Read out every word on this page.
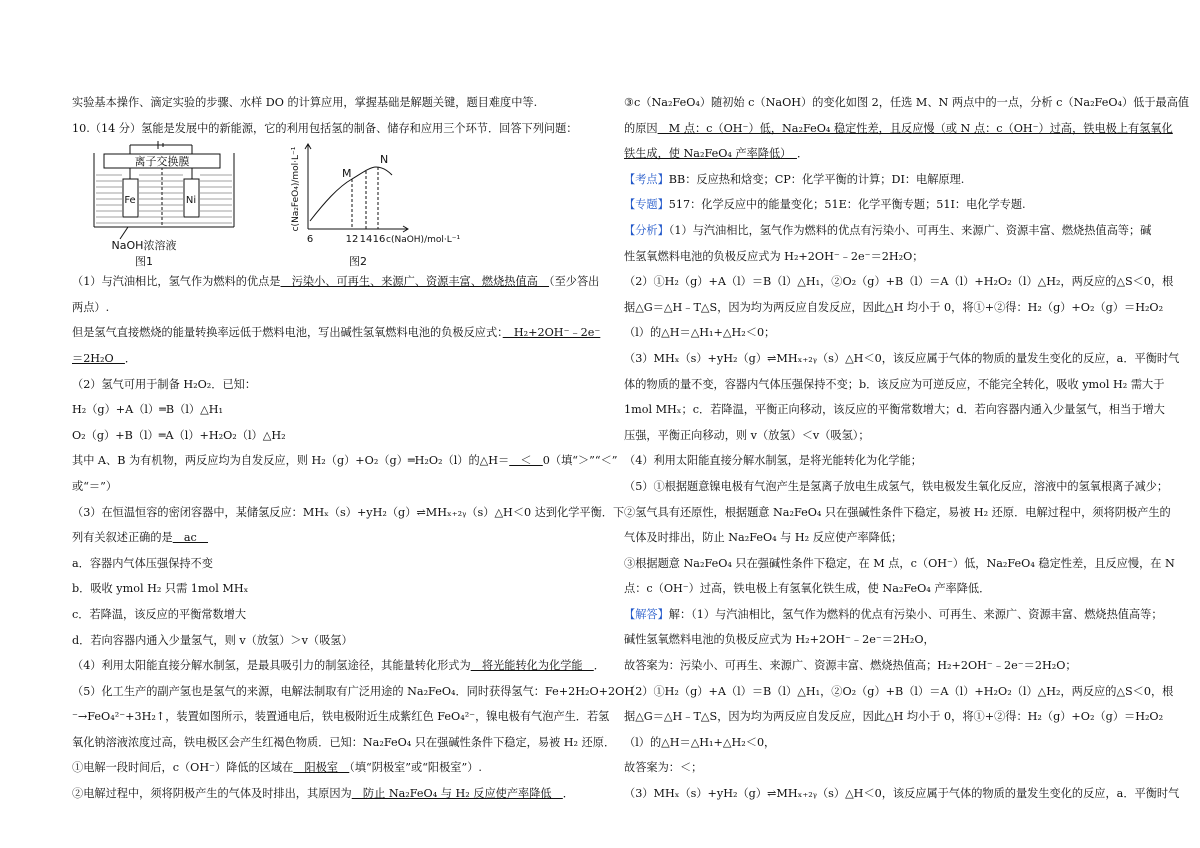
实验基本操作、滴定实验的步骤、水样 DO 的计算应用，掌握基础是解题关键，题目难度中等.
10.（14 分）氢能是发展中的新能源，它的利用包括氢的制备、储存和应用三个环节．回答下列问题：
离子交换膜
Fe	Ni
NaOH浓溶液
图1
c(Na₂FeO₄)/mol·L⁻¹	M
N
6	12 14 16 c(NaOH)/mol·L⁻¹
图2
（1）与汽油相比，氢气作为燃料的优点是　污染小、可再生、来源广、资源丰富、燃烧热值高　（至少答出
两点）.
但是氢气直接燃烧的能量转换率远低于燃料电池，写出碱性氢氧燃料电池的负极反应式：　H₂+2OH⁻﹣2e⁻
＝2H₂O　．
（2）氢气可用于制备 H₂O₂．已知：
H₂（g）+A（l）═B（l）△H₁
O₂（g）+B（l）═A（l）+H₂O₂（l）△H₂
其中 A、B 为有机物，两反应均为自发反应，则 H₂（g）+O₂（g）═H₂O₂（l）的△H＝　＜　0（填“＞”“＜”
或“＝”）
（3）在恒温恒容的密闭容器中，某储氢反应：MHₓ（s）+yH₂（g）⇌MHₓ₊₂ᵧ（s）△H＜0 达到化学平衡．下
列有关叙述正确的是　ac　
a．容器内气体压强保持不变
b．吸收 ymol H₂ 只需 1mol MHₓ
c．若降温，该反应的平衡常数增大
d．若向容器内通入少量氢气，则 v（放氢）＞v（吸氢）
（4）利用太阳能直接分解水制氢，是最具吸引力的制氢途径，其能量转化形式为　将光能转化为化学能　．
（5）化工生产的副产氢也是氢气的来源，电解法制取有广泛用途的 Na₂FeO₄．同时获得氢气：Fe+2H₂O+2OH
⁻→FeO₄²⁻+3H₂↑，装置如图所示，装置通电后，铁电极附近生成紫红色 FeO₄²⁻，镍电极有气泡产生．若氢
氧化钠溶液浓度过高，铁电极区会产生红褐色物质．已知：Na₂FeO₄ 只在强碱性条件下稳定，易被 H₂ 还原．
①电解一段时间后，c（OH⁻）降低的区域在　阳极室　（填“阴极室”或“阳极室”）.
②电解过程中，须将阴极产生的气体及时排出，其原因为　防止 Na₂FeO₄ 与 H₂ 反应使产率降低　．
③c（Na₂FeO₄）随初始 c（NaOH）的变化如图 2，任选 M、N 两点中的一点，分析 c（Na₂FeO₄）低于最高值
的原因　M 点：c（OH⁻）低，Na₂FeO₄ 稳定性差，且反应慢（或 N 点：c（OH⁻）过高，铁电极上有氢氧化
铁生成，使 Na₂FeO₄ 产率降低）　．
【考点】BB：反应热和焓变；CP：化学平衡的计算；DI：电解原理.
【专题】517：化学反应中的能量变化；51E：化学平衡专题；51I：电化学专题.
【分析】（1）与汽油相比，氢气作为燃料的优点有污染小、可再生、来源广、资源丰富、燃烧热值高等；碱
性氢氧燃料电池的负极反应式为 H₂+2OH⁻﹣2e⁻＝2H₂O；
（2）①H₂（g）+A（l）＝B（l）△H₁，②O₂（g）+B（l）＝A（l）+H₂O₂（l）△H₂，两反应的△S＜0，根
据△G＝△H﹣T△S，因为均为两反应自发反应，因此△H 均小于 0，将①+②得：H₂（g）+O₂（g）＝H₂O₂
（l）的△H＝△H₁+△H₂＜0；
（3）MHₓ（s）+yH₂（g）⇌MHₓ₊₂ᵧ（s）△H＜0，该反应属于气体的物质的量发生变化的反应，a．平衡时气
体的物质的量不变，容器内气体压强保持不变；b．该反应为可逆反应，不能完全转化，吸收 ymol H₂ 需大于
1mol MHₓ；c．若降温，平衡正向移动，该反应的平衡常数增大；d．若向容器内通入少量氢气，相当于增大
压强，平衡正向移动，则 v（放氢）＜v（吸氢）；
（4）利用太阳能直接分解水制氢，是将光能转化为化学能；
（5）①根据题意镍电极有气泡产生是氢离子放电生成氢气，铁电极发生氧化反应，溶液中的氢氧根离子减少；
②氢气具有还原性，根据题意 Na₂FeO₄ 只在强碱性条件下稳定，易被 H₂ 还原．电解过程中，须将阴极产生的
气体及时排出，防止 Na₂FeO₄ 与 H₂ 反应使产率降低；
③根据题意 Na₂FeO₄ 只在强碱性条件下稳定，在 M 点，c（OH⁻）低，Na₂FeO₄ 稳定性差，且反应慢，在 N
点：c（OH⁻）过高，铁电极上有氢氧化铁生成，使 Na₂FeO₄ 产率降低．
【解答】解：（1）与汽油相比，氢气作为燃料的优点有污染小、可再生、来源广、资源丰富、燃烧热值高等；
碱性氢氧燃料电池的负极反应式为 H₂+2OH⁻﹣2e⁻＝2H₂O，
故答案为：污染小、可再生、来源广、资源丰富、燃烧热值高；H₂+2OH⁻﹣2e⁻＝2H₂O；
（2）①H₂（g）+A（l）＝B（l）△H₁，②O₂（g）+B（l）＝A（l）+H₂O₂（l）△H₂，两反应的△S＜0，根
据△G＝△H﹣T△S，因为均为两反应自发反应，因此△H 均小于 0，将①+②得：H₂（g）+O₂（g）＝H₂O₂
（l）的△H＝△H₁+△H₂＜0，
故答案为：＜；
（3）MHₓ（s）+yH₂（g）⇌MHₓ₊₂ᵧ（s）△H＜0，该反应属于气体的物质的量发生变化的反应，a．平衡时气
